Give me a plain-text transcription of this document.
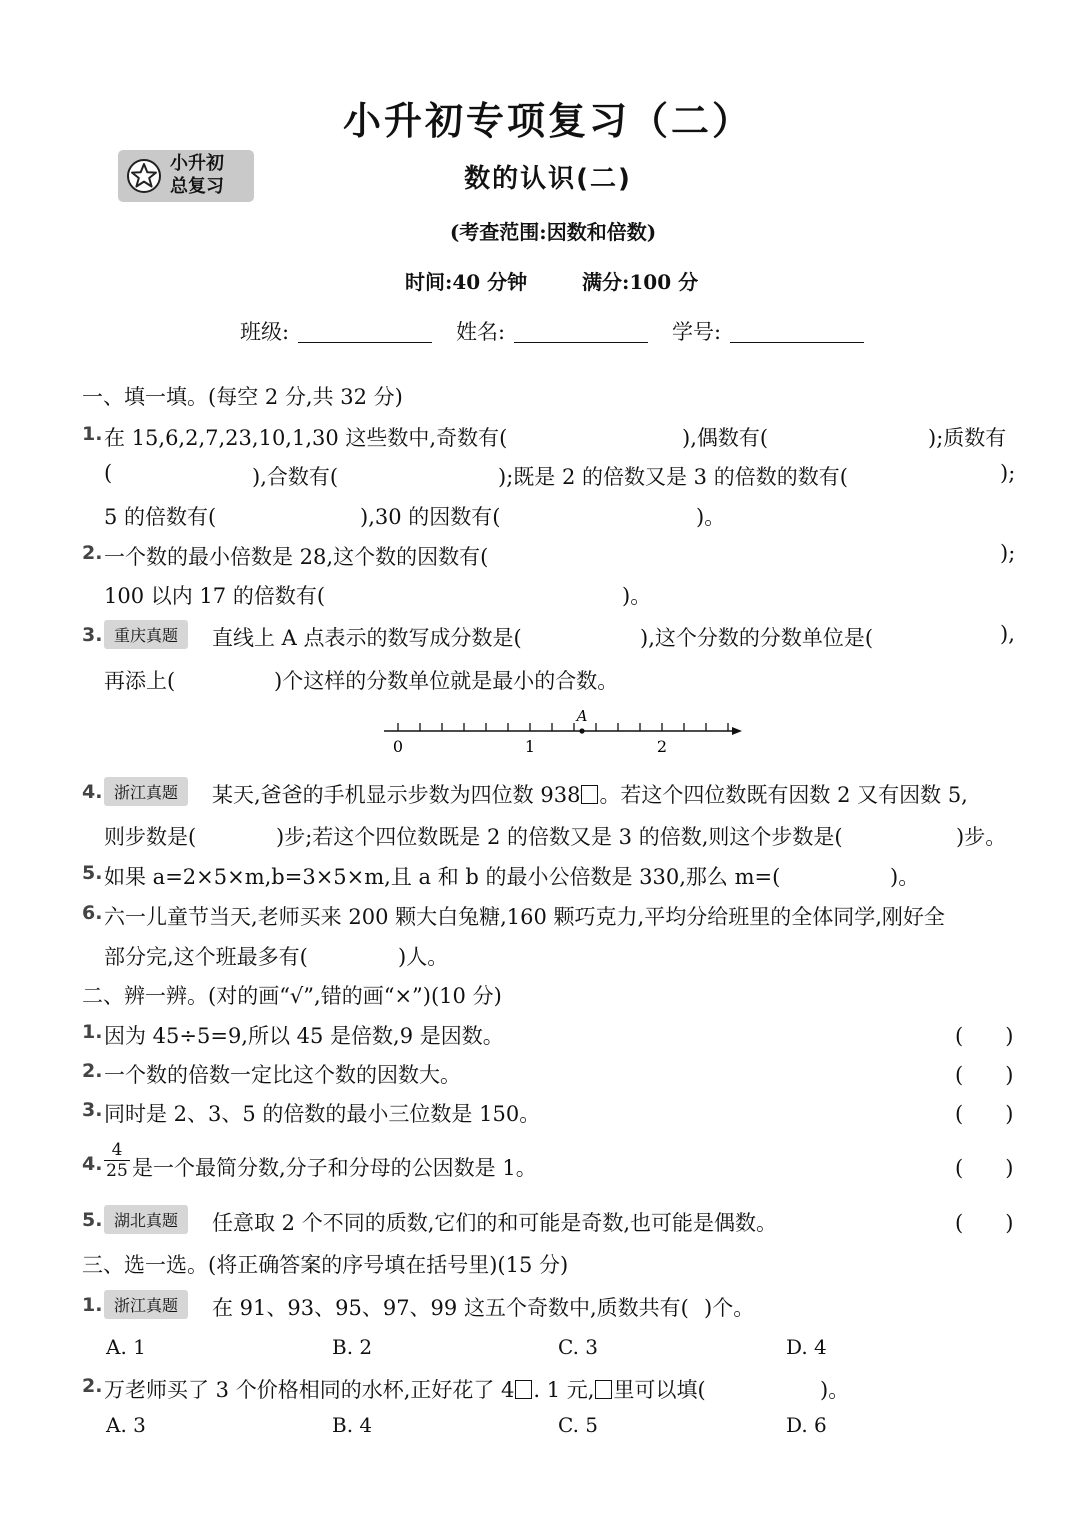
小升初专项复习（二）
小升初
总复习	数的认识(二)
(考查范围:因数和倍数)
时间:40 分钟	满分:100 分
班级:	姓名:	学号:
一、填一填。(每空 2 分,共 32 分)
1. 在 15,6,2,7,23,10,1,30 这些数中,奇数有(	),偶数有(	);质数有
(	),合数有(	);既是 2 的倍数又是 3 的倍数的数有(	);
5 的倍数有(	),30 的因数有(	)。
2. 一个数的最小倍数是 28,这个数的因数有(	);
100 以内 17 的倍数有(	)。
3. 重庆真题	直线上 A 点表示的数写成分数是(	),这个分数的分数单位是(	),
再添上(	)个这样的分数单位就是最小的合数。
A
0	1	2
4. 浙江真题	某天,爸爸的手机显示步数为四位数 938 。若这个四位数既有因数 2 又有因数 5,
则步数是(	)步;若这个四位数既是 2 的倍数又是 3 的倍数,则这个步数是(	)步。
5. 如果 a=2×5×m,b=3×5×m,且 a 和 b 的最小公倍数是 330,那么 m=(	)。
6. 六一儿童节当天,老师买来 200 颗大白兔糖,160 颗巧克力,平均分给班里的全体同学,刚好全
部分完,这个班最多有(	)人。
二、辨一辨。(对的画“√”,错的画“×”)(10 分)
1. 因为 45÷5=9,所以 45 是倍数,9 是因数。	(　　)
2. 一个数的倍数一定比这个数的因数大。	(　　)
3. 同时是 2、3、5 的倍数的最小三位数是 150。	(　　)
4.
4
25 是一个最简分数,分子和分母的公因数是 1。	(　　)
5. 湖北真题	任意取 2 个不同的质数,它们的和可能是奇数,也可能是偶数。	(　　)
三、选一选。(将正确答案的序号填在括号里)(15 分)
1. 浙江真题	在 91、93、95、97、99 这五个奇数中,质数共有( )个。
A. 1	B. 2	C. 3	D. 4
2. 万老师买了 3 个价格相同的水杯,正好花了 4 . 1 元, 里可以填(	)。
A. 3	B. 4	C. 5	D. 6
